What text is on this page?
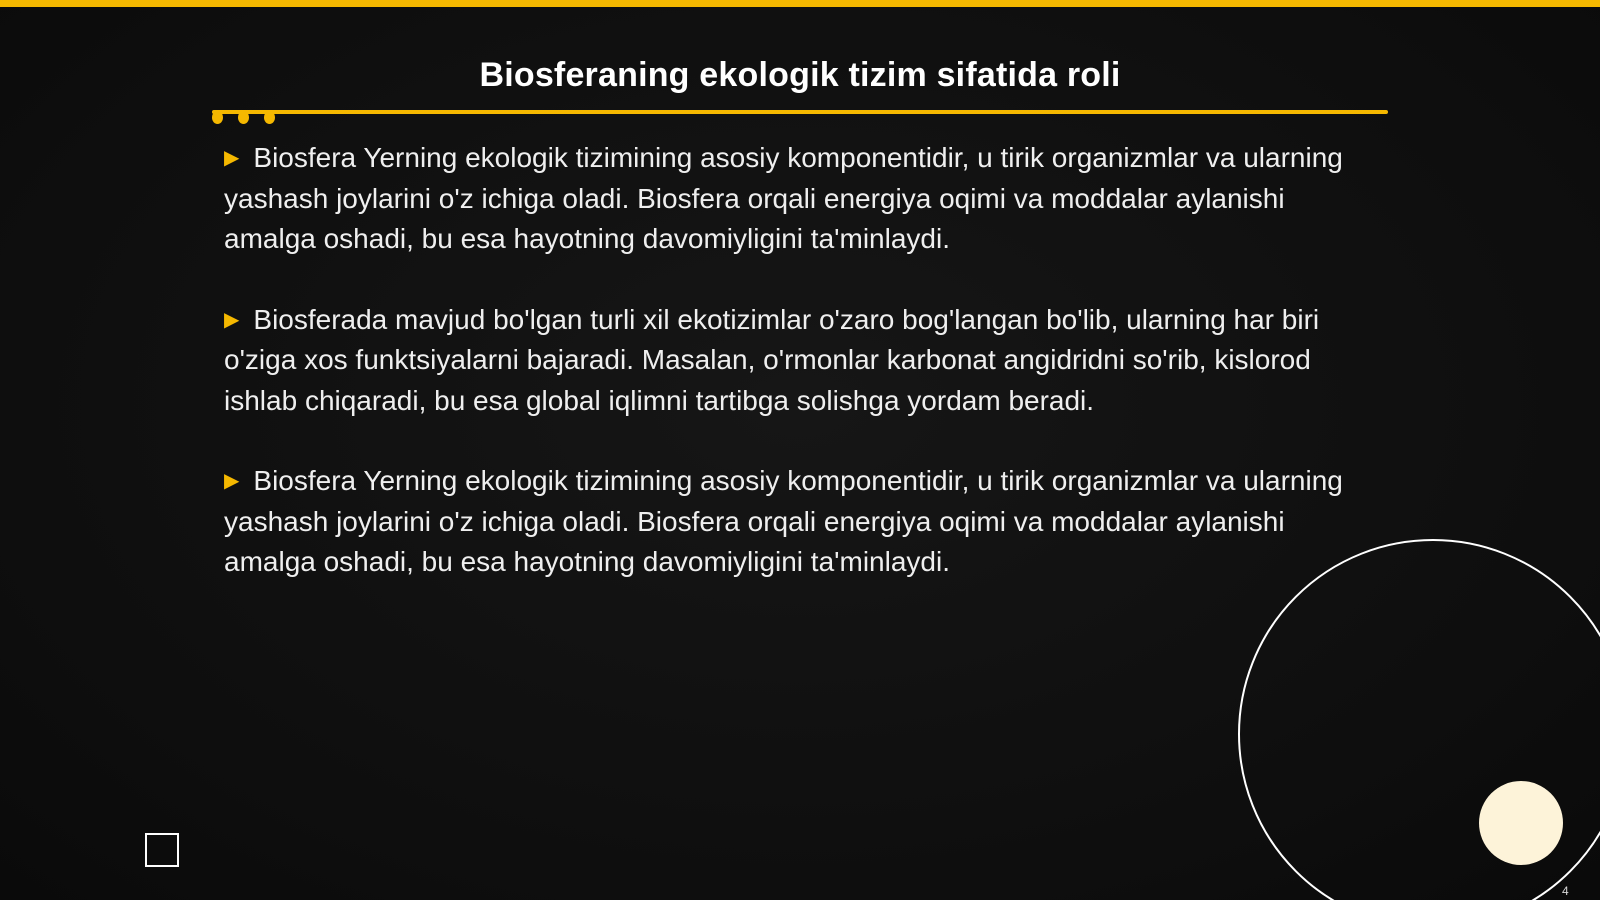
Biosferaning ekologik tizim sifatida roli

▶ Biosfera Yerning ekologik tizimining asosiy komponentidir, u tirik organizmlar va ularning yashash joylarini o'z ichiga oladi. Biosfera orqali energiya oqimi va moddalar aylanishi amalga oshadi, bu esa hayotning davomiyligini ta'minlaydi.

▶ Biosferada mavjud bo'lgan turli xil ekotizimlar o'zaro bog'langan bo'lib, ularning har biri o'ziga xos funktsiyalarni bajaradi. Masalan, o'rmonlar karbonat angidridni so'rib, kislorod ishlab chiqaradi, bu esa global iqlimni tartibga solishga yordam beradi.

▶ Biosfera Yerning ekologik tizimining asosiy komponentidir, u tirik organizmlar va ularning yashash joylarini o'z ichiga oladi. Biosfera orqali energiya oqimi va moddalar aylanishi amalga oshadi, bu esa hayotning davomiyligini ta'minlaydi.

4
